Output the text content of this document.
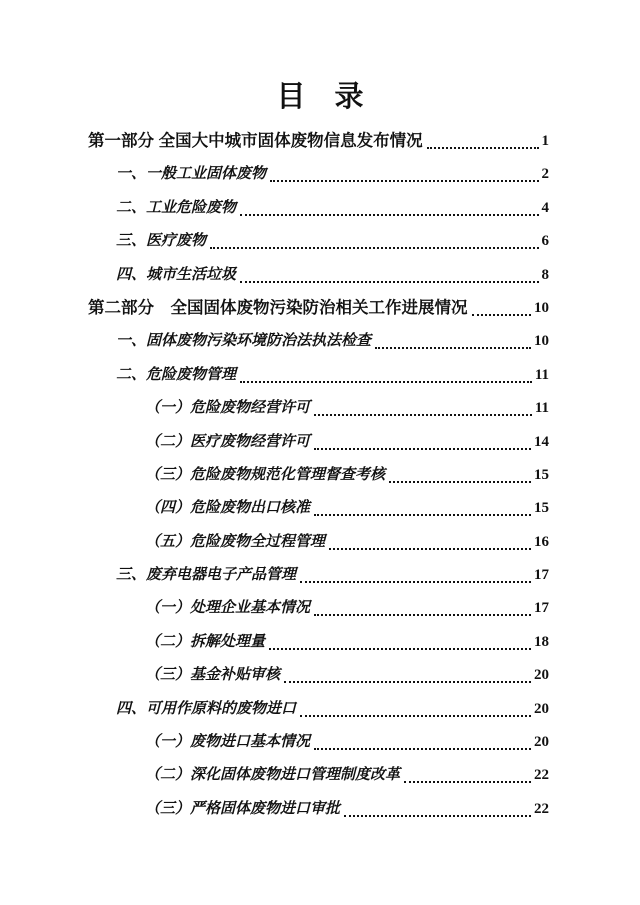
目　录
第一部分 全国大中城市固体废物信息发布情况	1
一、一般工业固体废物	2
二、工业危险废物	4
三、医疗废物	6
四、城市生活垃圾	8
第二部分　全国固体废物污染防治相关工作进展情况	10
一、固体废物污染环境防治法执法检查	10
二、危险废物管理	11
（一）危险废物经营许可	11
（二）医疗废物经营许可	14
（三）危险废物规范化管理督查考核	15
（四）危险废物出口核准	15
（五）危险废物全过程管理	16
三、废弃电器电子产品管理	17
（一）处理企业基本情况	17
（二）拆解处理量	18
（三）基金补贴审核	20
四、可用作原料的废物进口	20
（一）废物进口基本情况	20
（二）深化固体废物进口管理制度改革	22
（三）严格固体废物进口审批	22
